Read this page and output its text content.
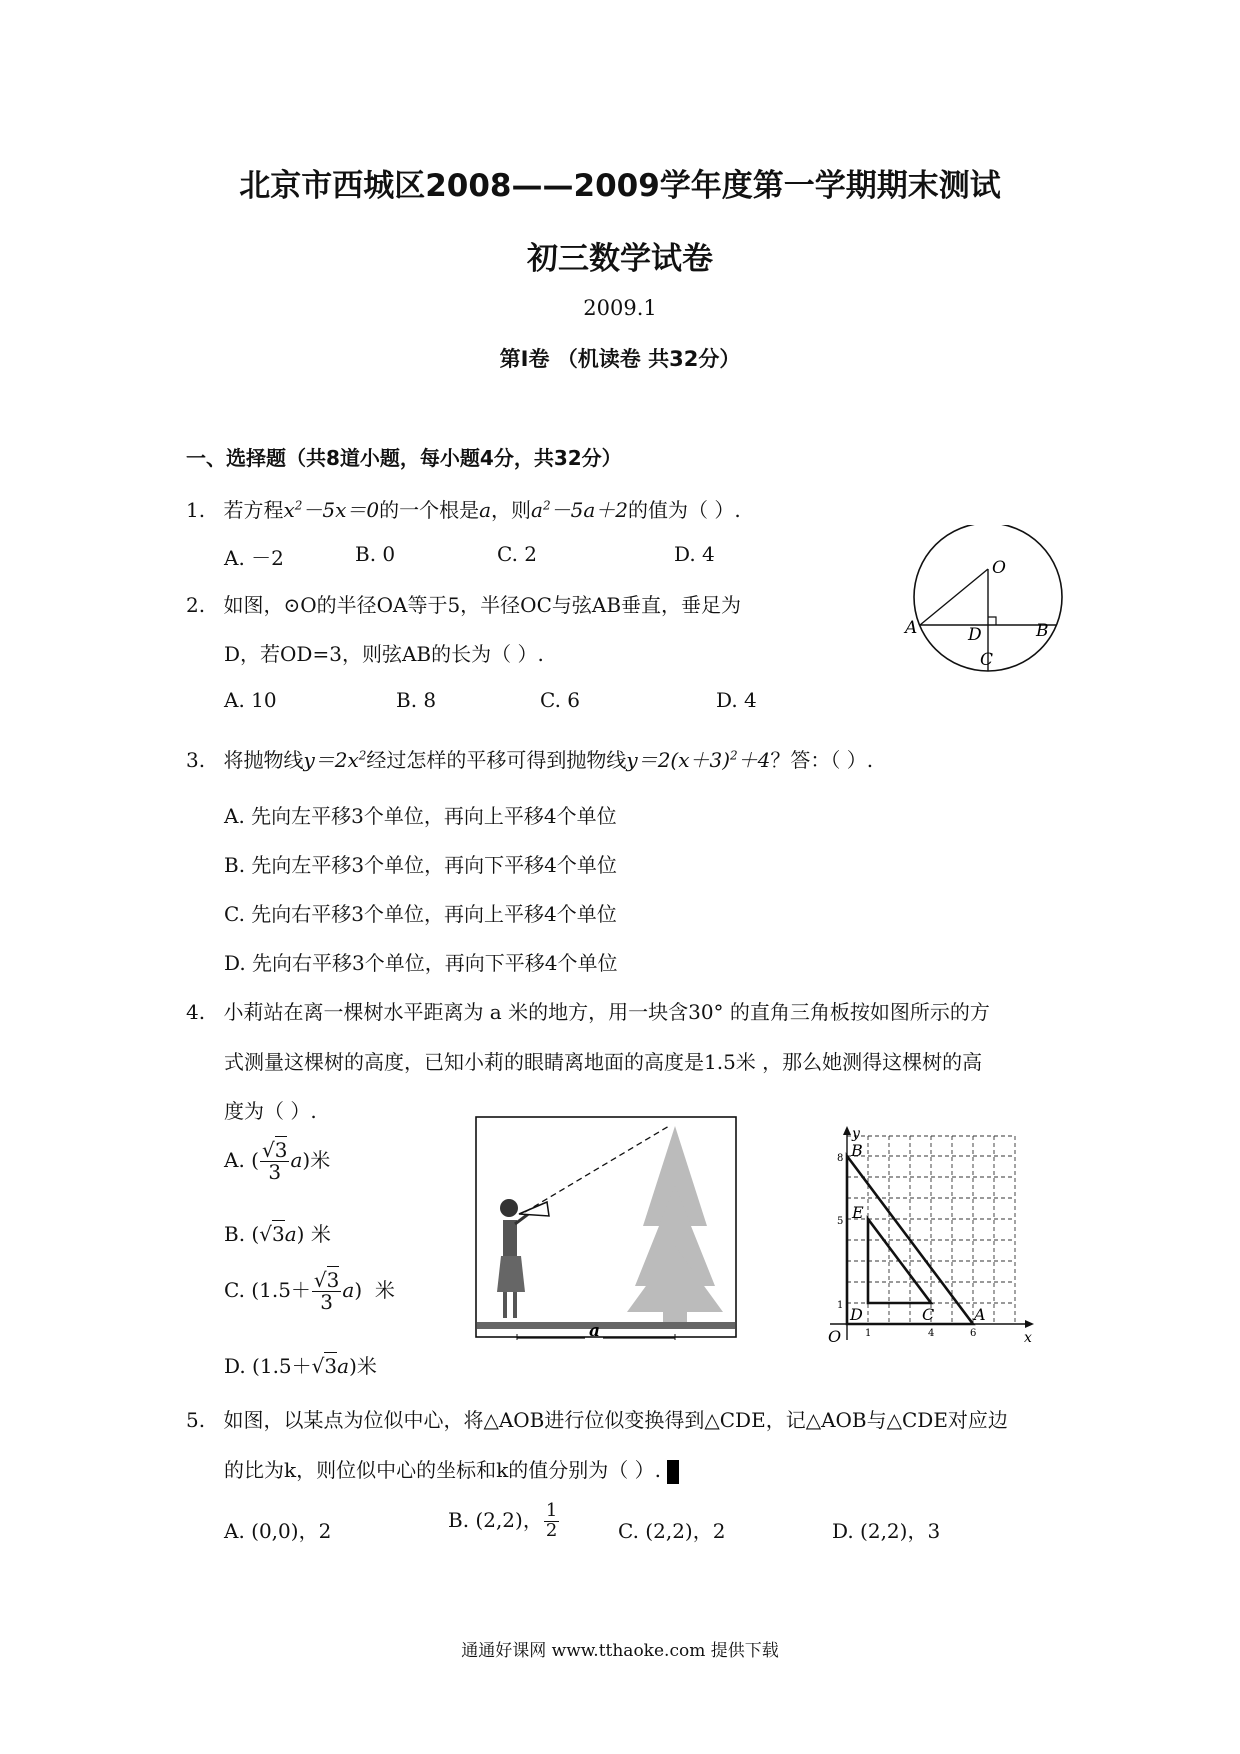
北京市西城区2008——2009学年度第一学期期末测试
初三数学试卷
2009.1
第Ⅰ卷 （机读卷 共32分）
一、选择题（共8道小题，每小题4分，共32分）
1. 若方程$x^2-5x=0$的一个根是a，则$a^2-5a+2$的值为（ ）.
A. －2	B. 0	C. 2	D. 4
O
A	D	B
C
2. 如图，⊙O的半径OA等于5，半径OC与弦AB垂直，垂足为
D，若OD=3，则弦AB的长为（ ）.
A. 10	B. 8	C. 6	D. 4
3. 将抛物线$y=2x^2$经过怎样的平移可得到抛物线$y=2(x+3)^2+4$？答：（ ）.
A. 先向左平移3个单位，再向上平移4个单位
B. 先向左平移3个单位，再向下平移4个单位
C. 先向右平移3个单位，再向上平移4个单位
D. 先向右平移3个单位，再向下平移4个单位
4. 小莉站在离一棵树水平距离为 a 米的地方，用一块含30° 的直角三角板按如图所示的方
式测量这棵树的高度，已知小莉的眼睛离地面的高度是1.5米 ，那么她测得这棵树的高
度为（ ）.
A. ( $\frac{√3}{3} a$)米
B. (√3a) 米
C. $(1.5+ \frac{√3}{3} a)$  米
D. (1.5＋√3a)米
a
y
x
O
B
E
D	C A
8
5
1
1	4	6
5. 如图，以某点为位似中心，将△AOB进行位似变换得到△CDE，记△AOB与△CDE对应边
的比为k，则位似中心的坐标和k的值分别为（ ）.
A. (0,0)，2	B. (2,2)， $\frac{1}{2}$	C. (2,2)，2	D. (2,2)，3
通通好课网 www.tthaoke.com 提供下载
